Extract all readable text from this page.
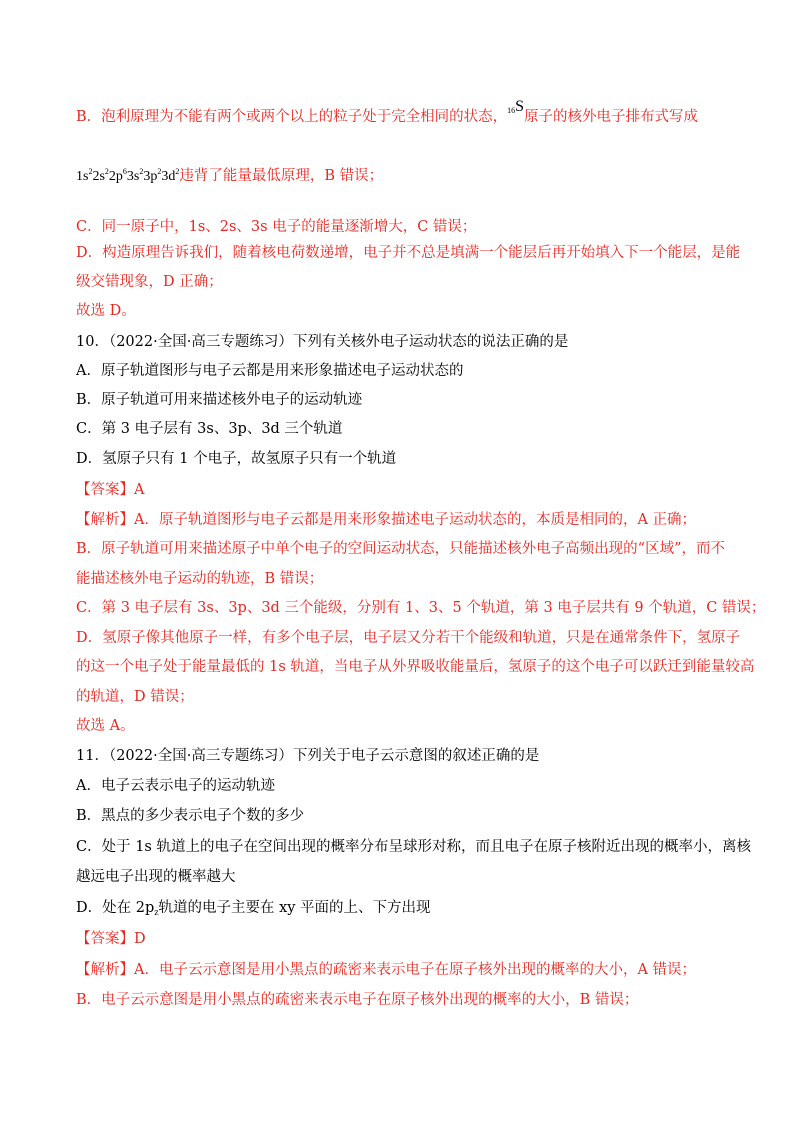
B．泡利原理为不能有两个或两个以上的粒子处于完全相同的状态，$^{16}$S原子的核外电子排布式写成
$1s^22s^22p^63s^23p^23d^2$违背了能量最低原理，B 错误；
C．同一原子中，1s、2s、3s 电子的能量逐渐增大，C 错误；
D．构造原理告诉我们，随着核电荷数递增，电子并不总是填满一个能层后再开始填入下一个能层，是能
级交错现象，D 正确；
故选 D。
10．（2022·全国·高三专题练习）下列有关核外电子运动状态的说法正确的是
A．原子轨道图形与电子云都是用来形象描述电子运动状态的
B．原子轨道可用来描述核外电子的运动轨迹
C．第 3 电子层有 3s、3p、3d 三个轨道
D．氢原子只有 1 个电子，故氢原子只有一个轨道
【答案】A
【解析】A．原子轨道图形与电子云都是用来形象描述电子运动状态的，本质是相同的，A 正确；
B．原子轨道可用来描述原子中单个电子的空间运动状态，只能描述核外电子高频出现的“区域”，而不
能描述核外电子运动的轨迹，B 错误；
C．第 3 电子层有 3s、3p、3d 三个能级，分别有 1、3、5 个轨道，第 3 电子层共有 9 个轨道，C 错误；
D．氢原子像其他原子一样，有多个电子层，电子层又分若干个能级和轨道，只是在通常条件下，氢原子
的这一个电子处于能量最低的 1s 轨道，当电子从外界吸收能量后，氢原子的这个电子可以跃迁到能量较高
的轨道，D 错误；
故选 A。
11．（2022·全国·高三专题练习）下列关于电子云示意图的叙述正确的是
A．电子云表示电子的运动轨迹
B．黑点的多少表示电子个数的多少
C．处于 1s 轨道上的电子在空间出现的概率分布呈球形对称，而且电子在原子核附近出现的概率小，离核
越远电子出现的概率越大
D．处在 $2p_z$轨道的电子主要在 xy 平面的上、下方出现
【答案】D
【解析】A．电子云示意图是用小黑点的疏密来表示电子在原子核外出现的概率的大小，A 错误；
B．电子云示意图是用小黑点的疏密来表示电子在原子核外出现的概率的大小，B 错误；
